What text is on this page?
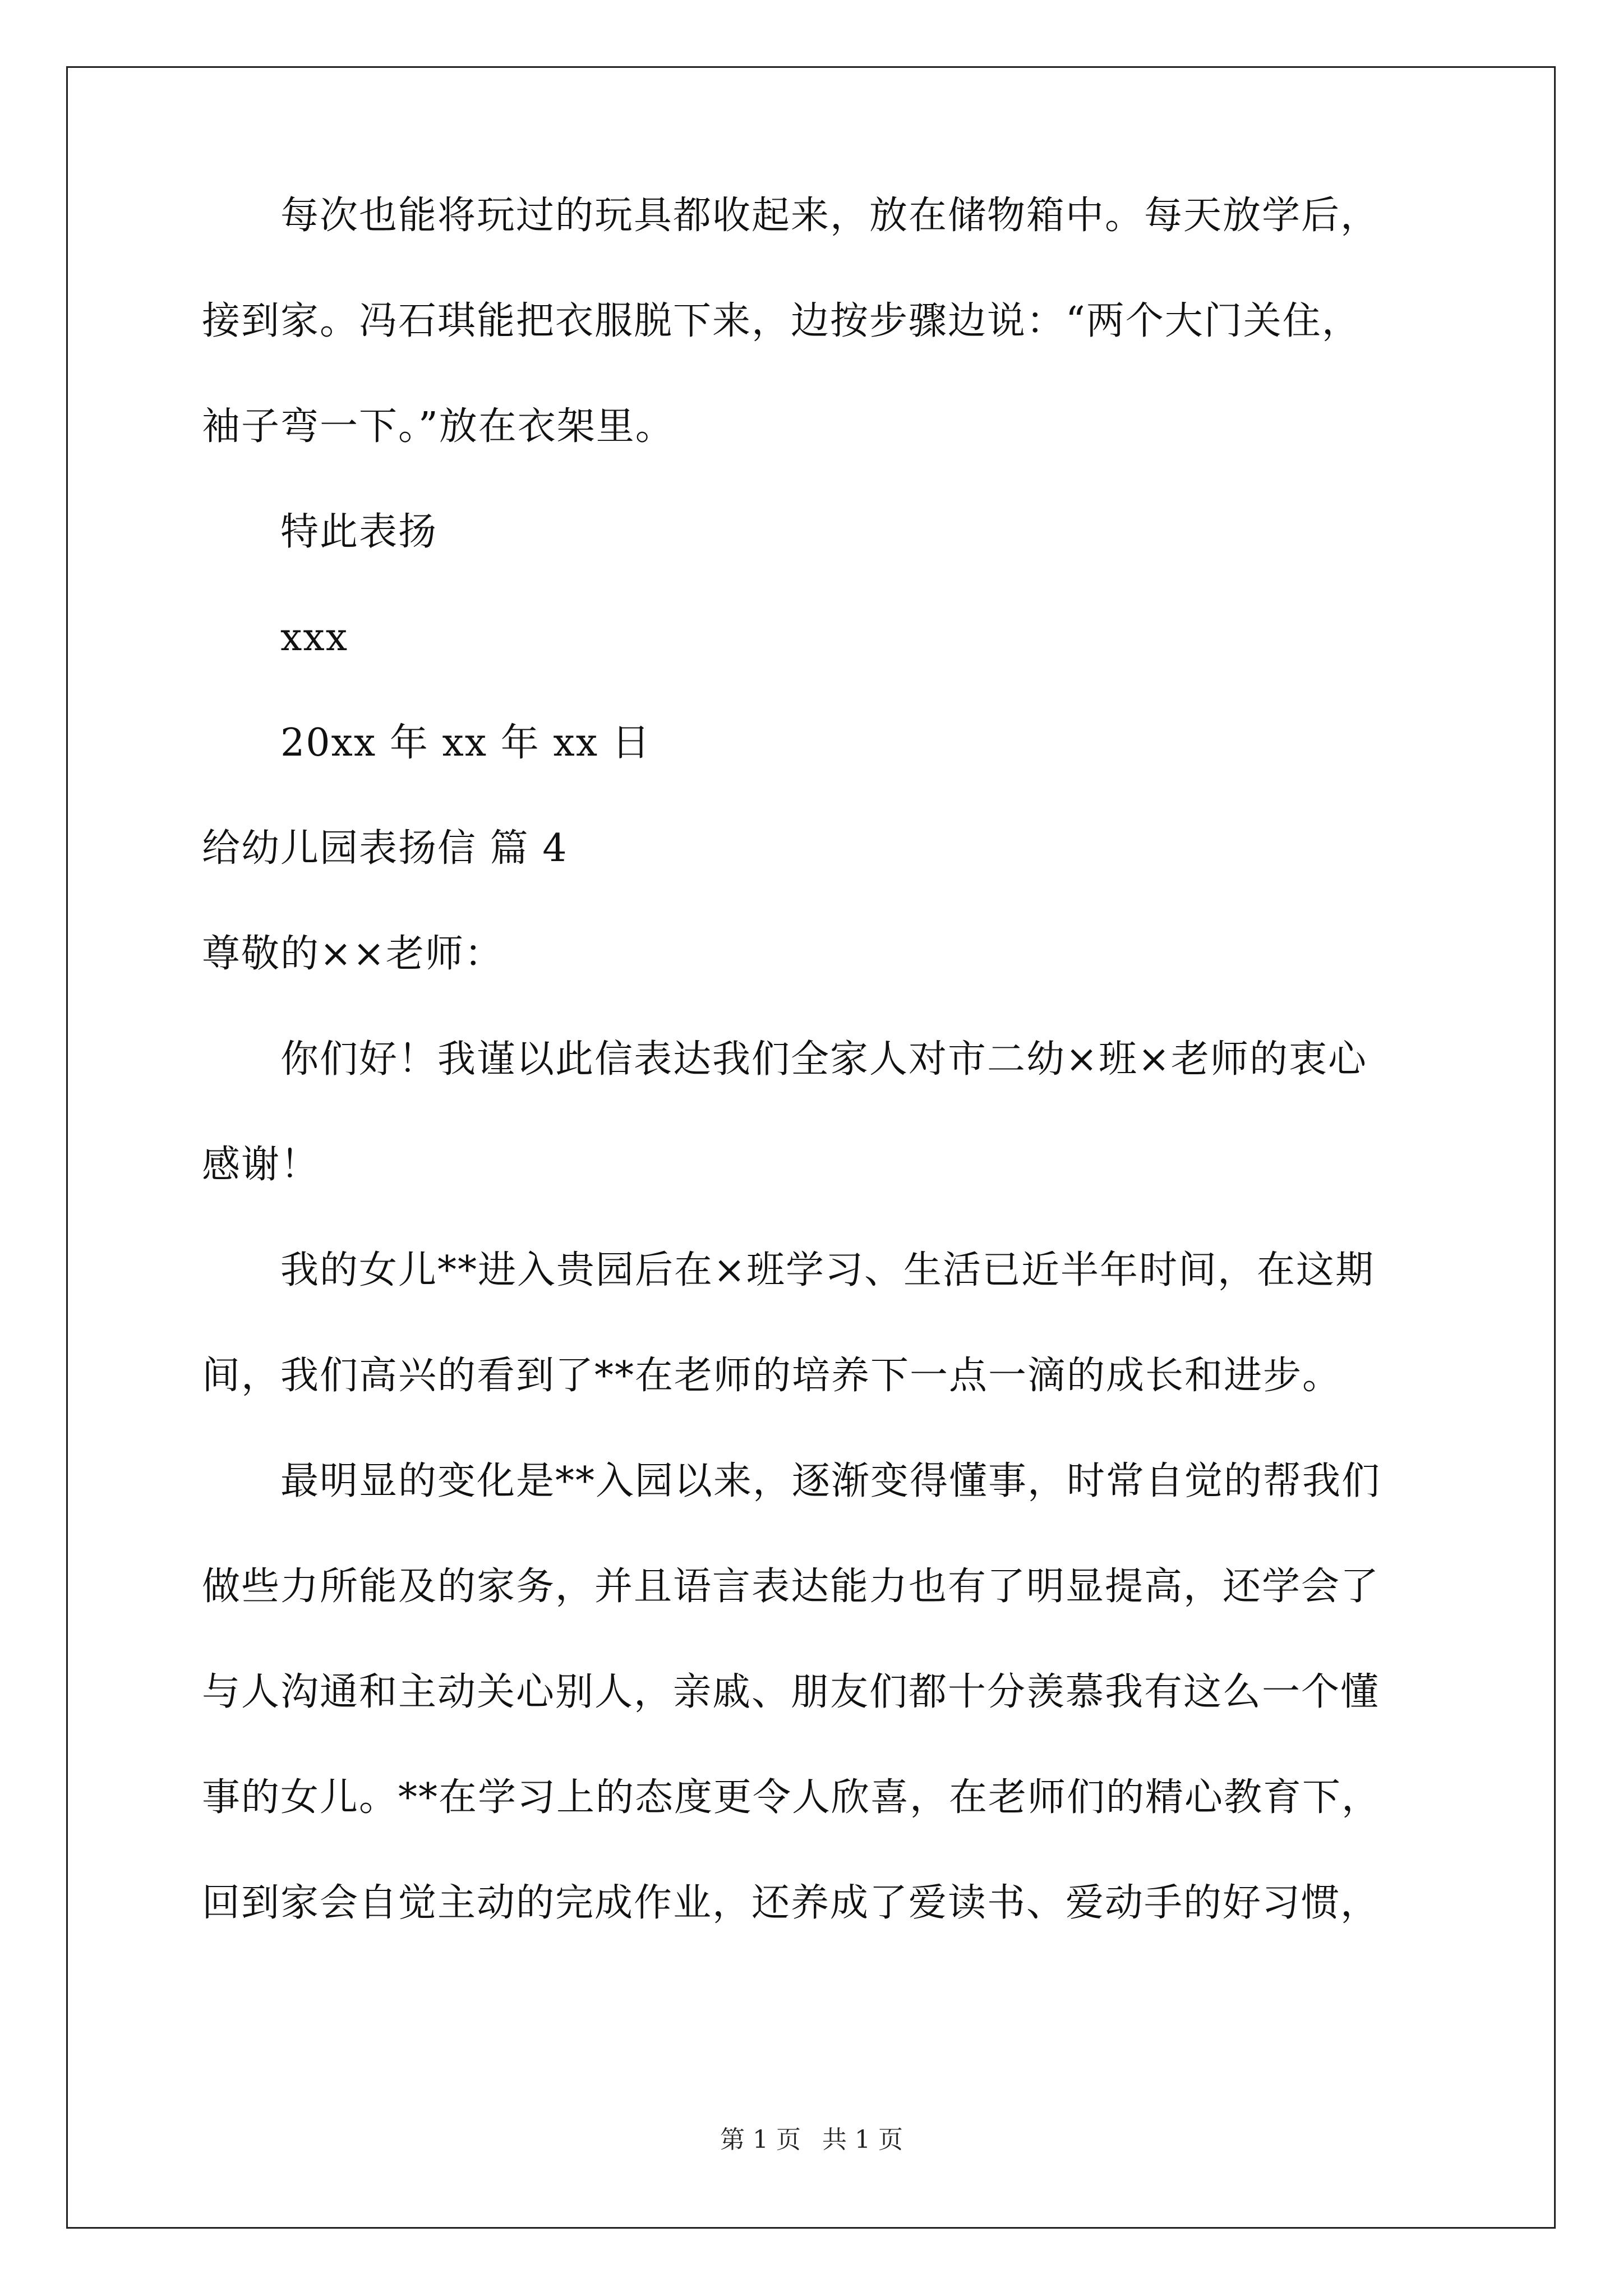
每次也能将玩过的玩具都收起来，放在储物箱中。每天放学后，

接到家。冯石琪能把衣服脱下来，边按步骤边说：“两个大门关住，

袖子弯一下。”放在衣架里。

特此表扬

xxx

20xx 年 xx 年 xx 日

给幼儿园表扬信 篇 4

尊敬的××老师：

你们好！我谨以此信表达我们全家人对市二幼×班×老师的衷心

感谢！

我的女儿**进入贵园后在×班学习、生活已近半年时间，在这期

间，我们高兴的看到了**在老师的培养下一点一滴的成长和进步。

最明显的变化是**入园以来，逐渐变得懂事，时常自觉的帮我们

做些力所能及的家务，并且语言表达能力也有了明显提高，还学会了

与人沟通和主动关心别人，亲戚、朋友们都十分羡慕我有这么一个懂

事的女儿。**在学习上的态度更令人欣喜，在老师们的精心教育下，

回到家会自觉主动的完成作业，还养成了爱读书、爱动手的好习惯，

第 1 页 共 1 页
